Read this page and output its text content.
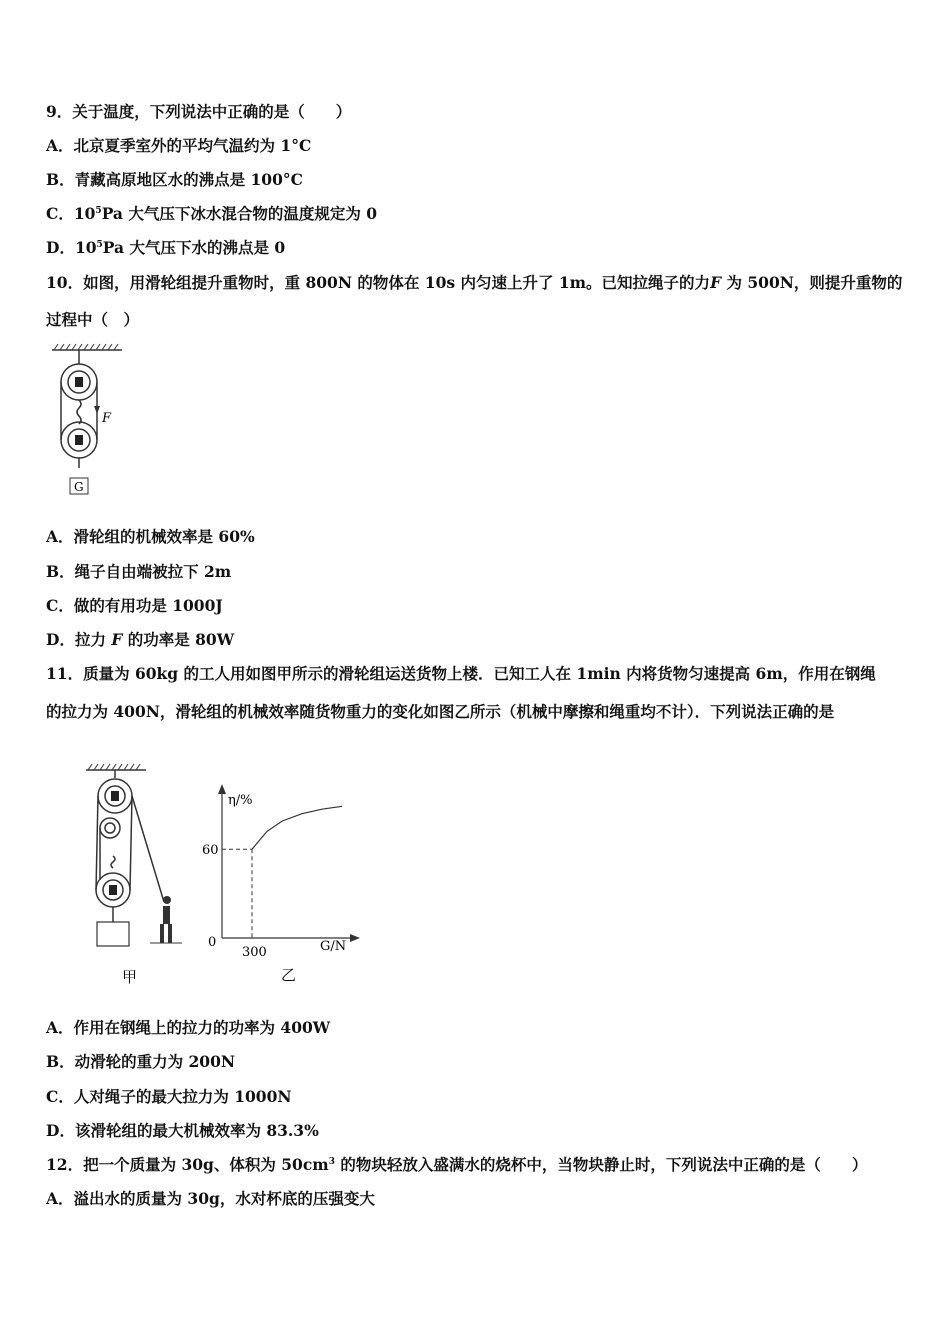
9．关于温度，下列说法中正确的是（　　）
A．北京夏季室外的平均气温约为 1°C
B．青藏高原地区水的沸点是 100°C
C．$10^5Pa$ 大气压下冰水混合物的温度规定为 0
D．$10^5Pa$ 大气压下水的沸点是 0
10．如图，用滑轮组提升重物时，重 800N 的物体在 10s 内匀速上升了 1m。已知拉绳子的力F 为 500N，则提升重物的
过程中（　）
F
G
A．滑轮组的机械效率是 60%
B．绳子自由端被拉下 2m
C．做的有用功是 1000J
D．拉力 F 的功率是 80W
11．质量为 60kg 的工人用如图甲所示的滑轮组运送货物上楼．已知工人在 1min 内将货物匀速提高 6m，作用在钢绳
的拉力为 400N，滑轮组的机械效率随货物重力的变化如图乙所示（机械中摩擦和绳重均不计）．下列说法正确的是
甲
η/%
G/N
0
60
300
乙
A．作用在钢绳上的拉力的功率为 400W
B．动滑轮的重力为 200N
C．人对绳子的最大拉力为 1000N
D．该滑轮组的最大机械效率为 83.3%
12．把一个质量为 30g、体积为 $50cm^3$ 的物块轻放入盛满水的烧杯中，当物块静止时，下列说法中正确的是（　　）
A．溢出水的质量为 30g，水对杯底的压强变大
